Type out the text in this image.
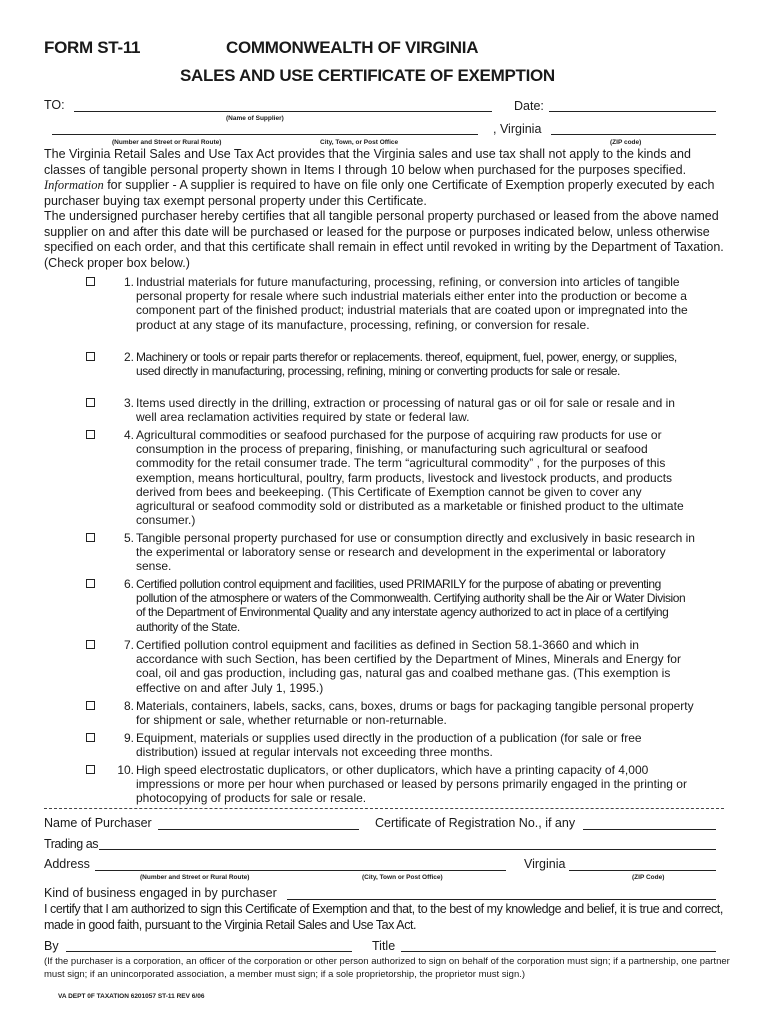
FORM ST-11	COMMONWEALTH OF VIRGINIA
SALES AND USE CERTIFICATE OF EXEMPTION
TO:	Date:
(Name of Supplier)
, Virginia
(Number and Street or Rural Route)	City, Town, or Post Office	(ZIP code)

The Virginia Retail Sales and Use Tax Act provides that the Virginia sales and use tax shall not apply to the kinds and classes of tangible personal property shown in Items I through 10 below when purchased for the purposes specified.

Information for supplier - A supplier is required to have on file only one Certificate of Exemption properly executed by each purchaser buying tax exempt personal property under this Certificate.

The undersigned purchaser hereby certifies that all tangible personal property purchased or leased from the above named supplier on and after this date will be purchased or leased for the purpose or purposes indicated below, unless otherwise specified on each order, and that this certificate shall remain in effect until revoked in writing by the Department of Taxation. (Check proper box below.)

1. Industrial materials for future manufacturing, processing, refining, or conversion into articles of tangible personal property for resale where such industrial materials either enter into the production or become a component part of the finished product; industrial materials that are coated upon or impregnated into the product at any stage of its manufacture, processing, refining, or conversion for resale.
2. Machinery or tools or repair parts therefor or replacements. thereof, equipment, fuel, power, energy, or supplies, used directly in manufacturing, processing, refining, mining or converting products for sale or resale.
3. Items used directly in the drilling, extraction or processing of natural gas or oil for sale or resale and in well area reclamation activities required by state or federal law.
4. Agricultural commodities or seafood purchased for the purpose of acquiring raw products for use or consumption in the process of preparing, finishing, or manufacturing such agricultural or seafood commodity for the retail consumer trade. The term “agricultural commodity” , for the purposes of this exemption, means horticultural, poultry, farm products, livestock and livestock products, and products derived from bees and beekeeping. (This Certificate of Exemption cannot be given to cover any agricultural or seafood commodity sold or distributed as a marketable or finished product to the ultimate consumer.)
5. Tangible personal property purchased for use or consumption directly and exclusively in basic research in the experimental or laboratory sense or research and development in the experimental or laboratory sense.
6. Certified pollution control equipment and facilities, used PRIMARILY for the purpose of abating or preventing pollution of the atmosphere or waters of the Commonwealth. Certifying authority shall be the Air or Water Division of the Department of Environmental Quality and any interstate agency authorized to act in place of a certifying authority of the State.
7. Certified pollution control equipment and facilities as defined in Section 58.1-3660 and which in accordance with such Section, has been certified by the Department of Mines, Minerals and Energy for coal, oil and gas production, including gas, natural gas and coalbed methane gas. (This exemption is effective on and after July 1, 1995.)
8. Materials, containers, labels, sacks, cans, boxes, drums or bags for packaging tangible personal property for shipment or sale, whether returnable or non-returnable.
9. Equipment, materials or supplies used directly in the production of a publication (for sale or free distribution) issued at regular intervals not exceeding three months.
10. High speed electrostatic duplicators, or other duplicators, which have a printing capacity of 4,000 impressions or more per hour when purchased or leased by persons primarily engaged in the printing or photocopying of products for sale or resale.
Name of Purchaser	Certificate of Registration No., if any
Trading as
Address	Virginia
(Number and Street or Rural Route)	(City, Town or Post Office)	(ZIP Code)
Kind of business engaged in by purchaser
I certify that I am authorized to sign this Certificate of Exemption and that, to the best of my knowledge and belief, it is true and correct, made in good faith, pursuant to the Virginia Retail Sales and Use Tax Act.
By	Title
(If the purchaser is a corporation, an officer of the corporation or other person authorized to sign on behalf of the corporation must sign; if a partnership, one partner must sign; if an unincorporated association, a member must sign; if a sole proprietorship, the proprietor must sign.)
VA DEPT 0F TAXATION 6201057 ST-11 REV 6/06
